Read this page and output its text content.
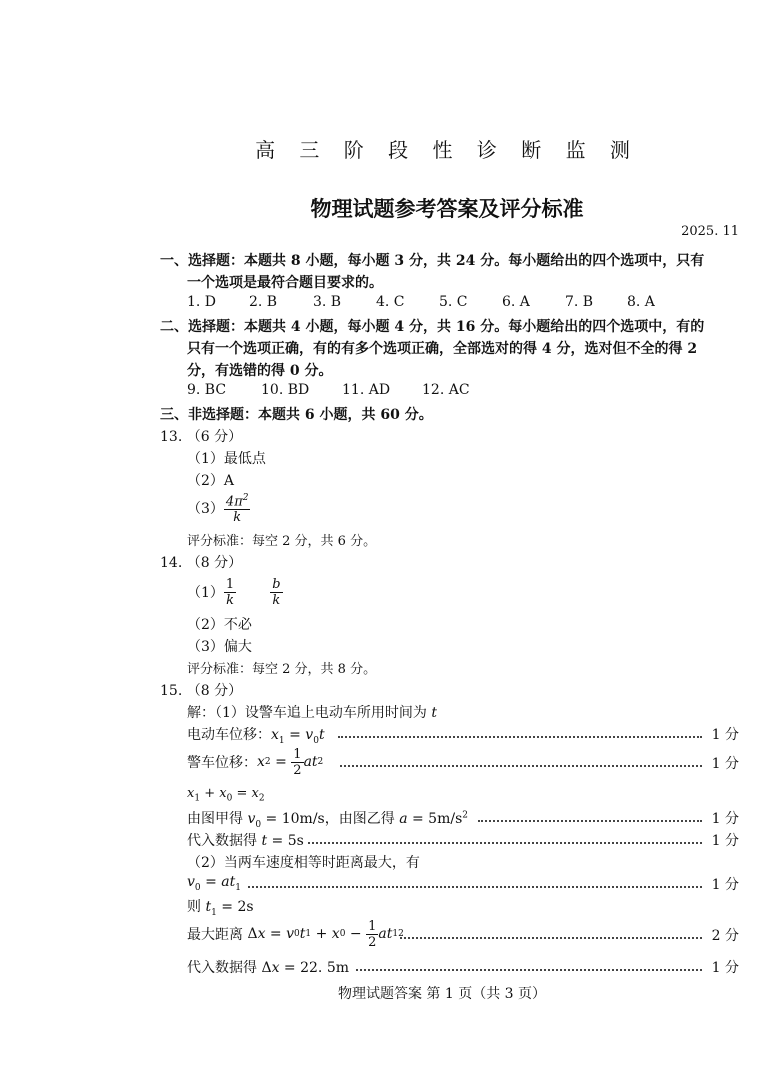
高 三 阶 段 性 诊 断 监 测
物理试题参考答案及评分标准
2025. 11
一、选择题：本题共 8 小题，每小题 3 分，共 24 分。每小题给出的四个选项中，只有
一个选项是最符合题目要求的。
1. D 2. B	3. B 4. C 5. C 6. A	7. B 8. A
二、选择题：本题共 4 小题，每小题 4 分，共 16 分。每小题给出的四个选项中，有的
只有一个选项正确，有的有多个选项正确，全部选对的得 4 分，选对但不全的得 2
分，有选错的得 0 分。
9. BC 10. BD 11. AD 12. AC
三、非选择题：本题共 6 小题，共 60 分。
13. （6 分）
（1）最低点
（2）A
$(3) \frac{4\pi^2}{k}$
评分标准：每空 2 分，共 6 分。
14. （8 分）
$(1) \frac{1}{k}$	$\frac{b}{k}$
（2）不必
（3）偏大
评分标准：每空 2 分，共 8 分。
15. （8 分）
解：（1）设警车追上电动车所用时间为 t
电动车位移：$x_1 = v_0t$	1 分
警车位移： x $2 = \frac{1}{2}$ at 2	1 分
$x_1 + x_0 = x_2$
由图甲得 $v_0 = 10m/s$，由图乙得 $a = 5m/s^2$	1 分
代入数据得 t = 5s	1 分
（2）当两车速度相等时距离最大，有
$v_0 = at_1$	1 分
则 $t_1 = 2s$
最大距离 Δ x = v 0 t 1 + x $0 - \frac{1}{2}$ at 1 2	2 分
代入数据得 Δx = 22. 5m	1 分
物理试题答案 第 1 页（共 3 页）
